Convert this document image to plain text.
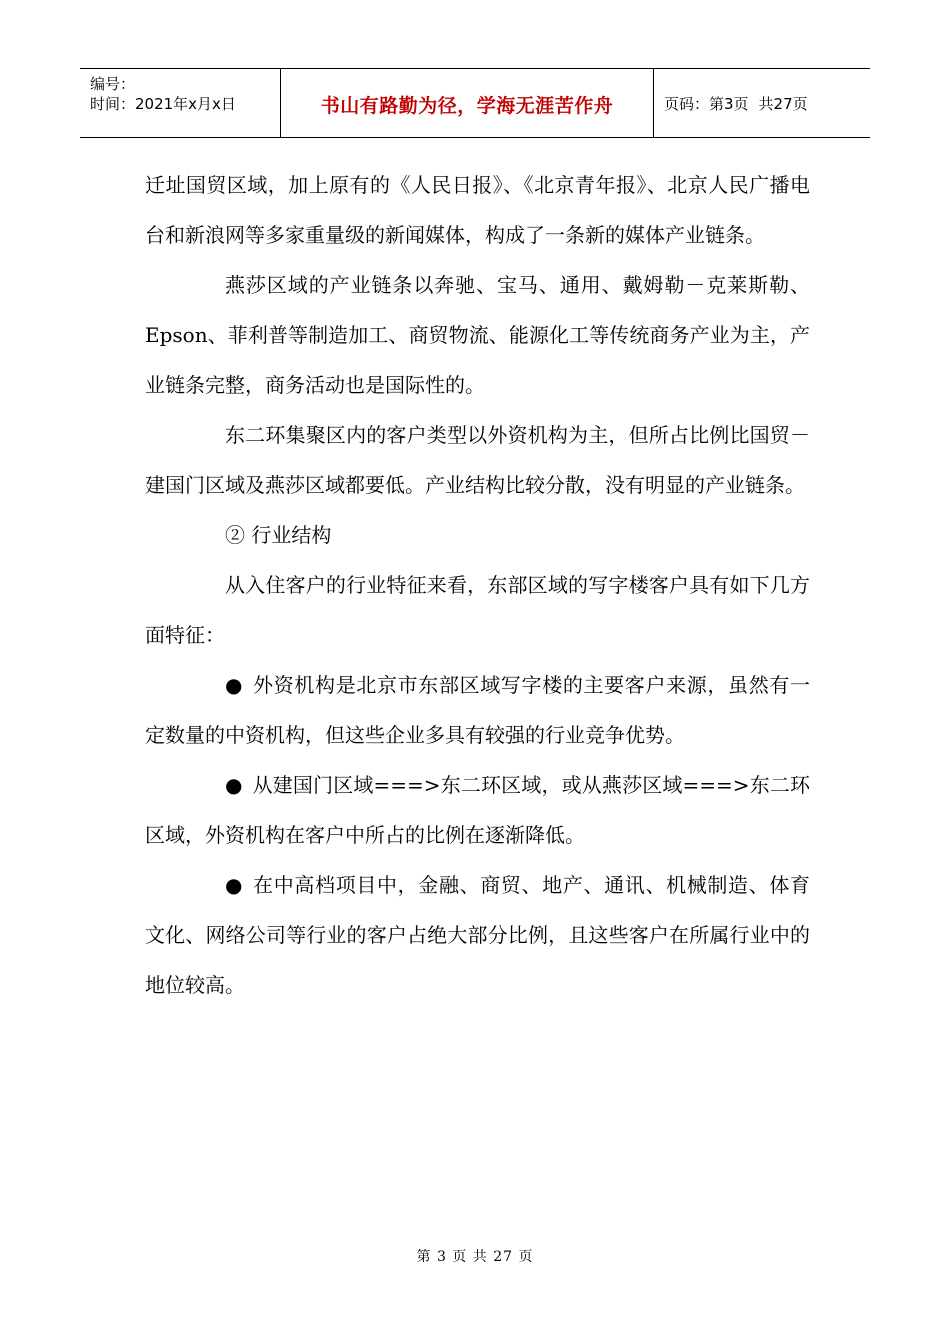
编号：
时间：2021年x月x日	书山有路勤为径，学海无涯苦作舟	页码：第3页 共27页

迁址国贸区域，加上原有的《人民日报》、《北京青年报》、北京人民广播电台和新浪网等多家重量级的新闻媒体，构成了一条新的媒体产业链条。

燕莎区域的产业链条以奔驰、宝马、通用、戴姆勒－克莱斯勒、Epson、菲利普等制造加工、商贸物流、能源化工等传统商务产业为主，产业链条完整，商务活动也是国际性的。

东二环集聚区内的客户类型以外资机构为主，但所占比例比国贸－建国门区域及燕莎区域都要低。产业结构比较分散，没有明显的产业链条。

② 行业结构

从入住客户的行业特征来看，东部区域的写字楼客户具有如下几方面特征：

● 外资机构是北京市东部区域写字楼的主要客户来源，虽然有一定数量的中资机构，但这些企业多具有较强的行业竞争优势。

● 从建国门区域===>东二环区域，或从燕莎区域===>东二环区域，外资机构在客户中所占的比例在逐渐降低。

● 在中高档项目中，金融、商贸、地产、通讯、机械制造、体育文化、网络公司等行业的客户占绝大部分比例，且这些客户在所属行业中的地位较高。

第 3 页 共 27 页
